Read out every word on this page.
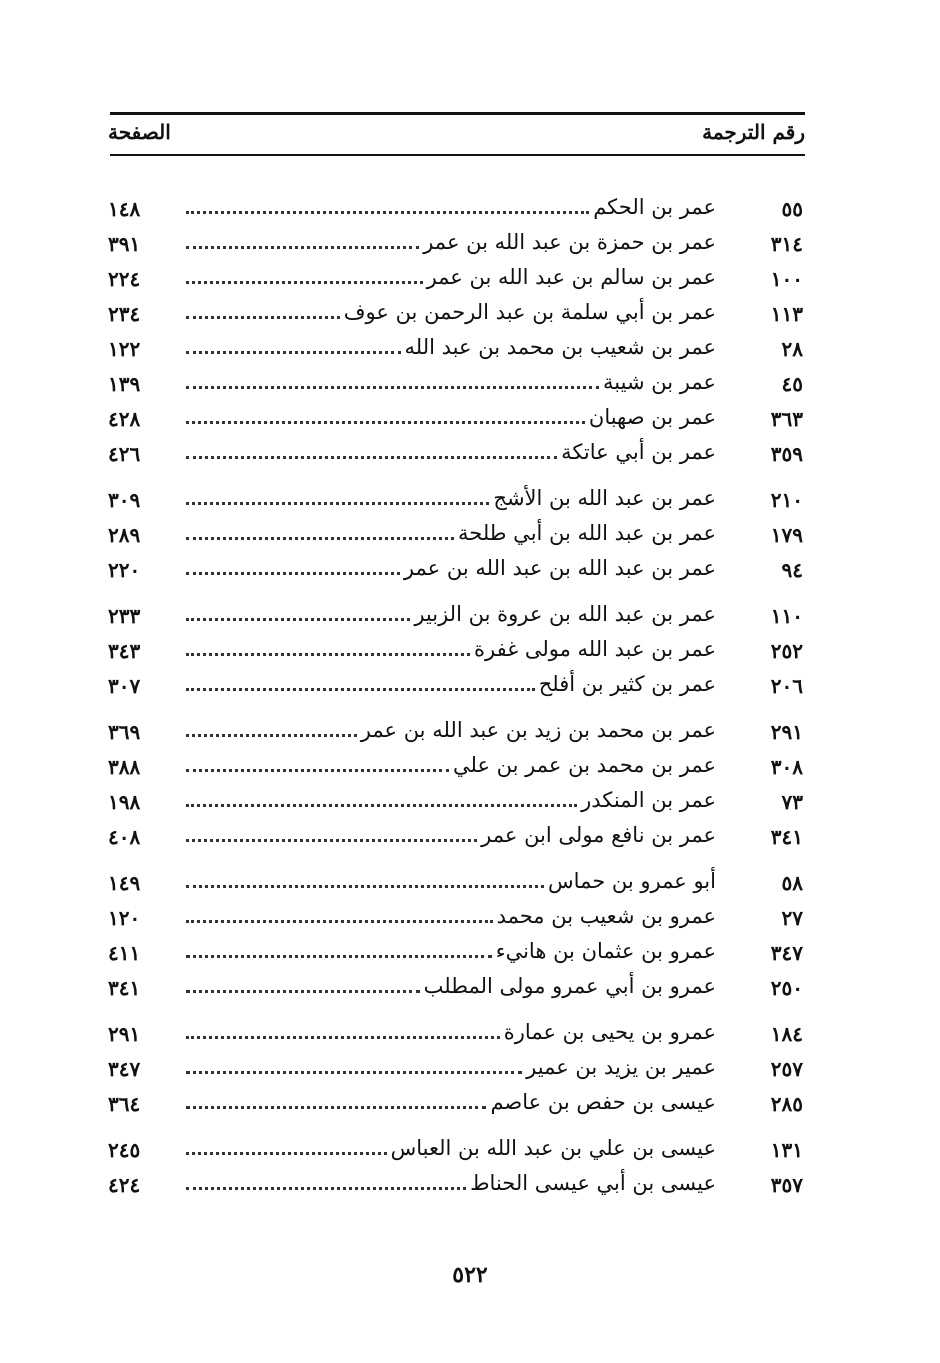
رقم الترجمة
الصفحة
٥٥
عمر بن الحكم
١٤٨
٣١٤
عمر بن حمزة بن عبد الله بن عمر
٣٩١
١٠٠
عمر بن سالم بن عبد الله بن عمر
٢٢٤
١١٣
عمر بن أبي سلمة بن عبد الرحمن بن عوف
٢٣٤
٢٨
عمر بن شعيب بن محمد بن عبد الله
١٢٢
٤٥
عمر بن شيبة
١٣٩
٣٦٣
عمر بن صهبان
٤٢٨
٣٥٩
عمر بن أبي عاتكة
٤٢٦
٢١٠
عمر بن عبد الله بن الأشج
٣٠٩
١٧٩
عمر بن عبد الله بن أبي طلحة
٢٨٩
٩٤
عمر بن عبد الله بن عبد الله بن عمر
٢٢٠
١١٠
عمر بن عبد الله بن عروة بن الزبير
٢٣٣
٢٥٢
عمر بن عبد الله مولى غفرة
٣٤٣
٢٠٦
عمر بن كثير بن أفلح
٣٠٧
٢٩١
عمر بن محمد بن زيد بن عبد الله بن عمر
٣٦٩
٣٠٨
عمر بن محمد بن عمر بن علي
٣٨٨
٧٣
عمر بن المنكدر
١٩٨
٣٤١
عمر بن نافع مولى ابن عمر
٤٠٨
٥٨
أبو عمرو بن حماس
١٤٩
٢٧
عمرو بن شعيب بن محمد
١٢٠
٣٤٧
عمرو بن عثمان بن هانيء
٤١١
٢٥٠
عمرو بن أبي عمرو مولى المطلب
٣٤١
١٨٤
عمرو بن يحيى بن عمارة
٢٩١
٢٥٧
عمير بن يزيد بن عمير
٣٤٧
٢٨٥
عيسى بن حفص بن عاصم
٣٦٤
١٣١
عيسى بن علي بن عبد الله بن العباس
٢٤٥
٣٥٧
عيسى بن أبي عيسى الحناط
٤٢٤
٥٢٢
